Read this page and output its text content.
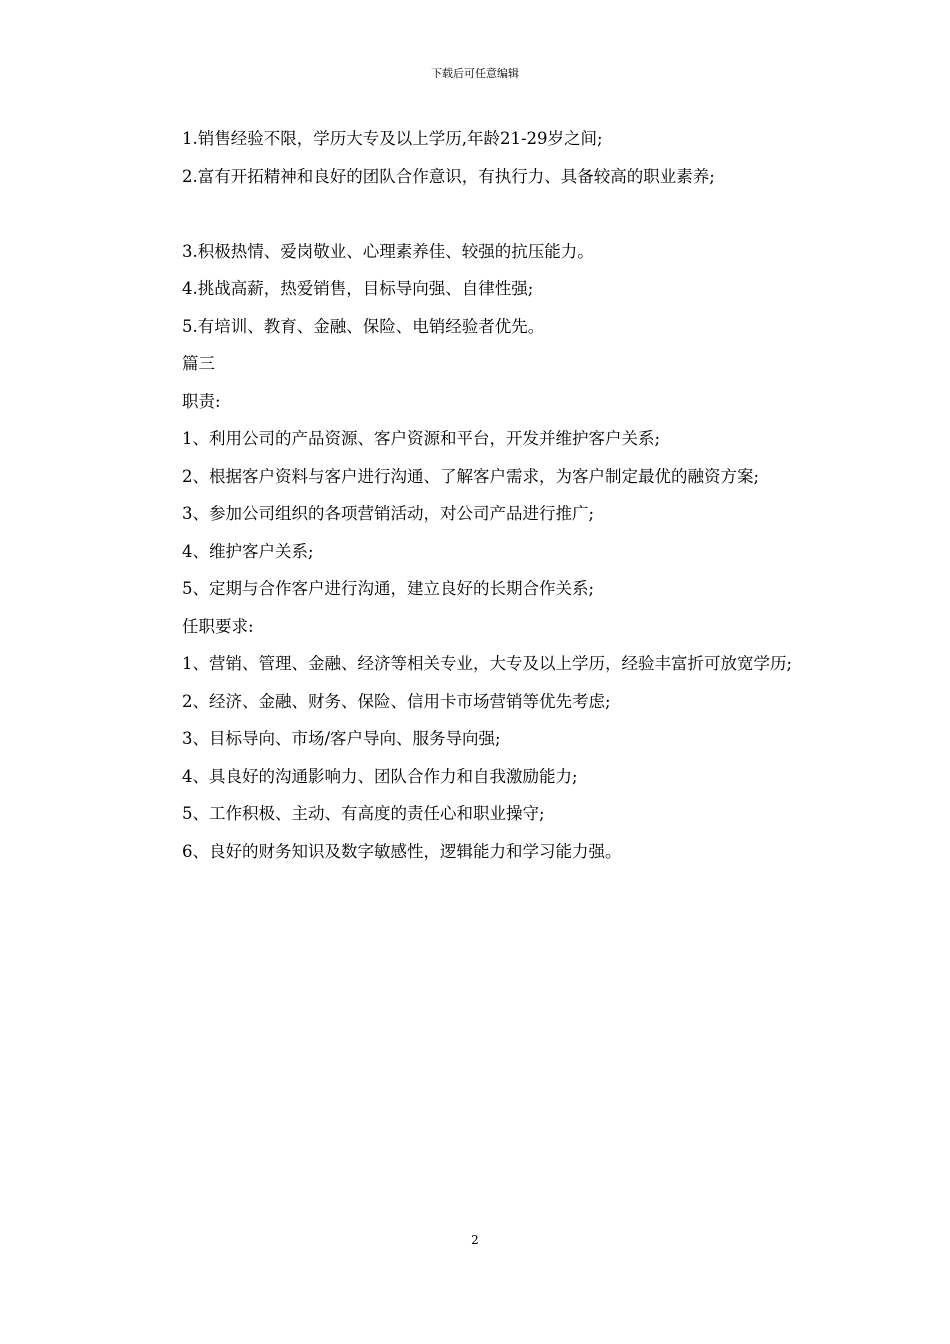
下载后可任意编辑

1.销售经验不限，学历大专及以上学历,年龄21-29岁之间;

2.富有开拓精神和良好的团队合作意识，有执行力、具备较高的职业素养;

3.积极热情、爱岗敬业、心理素养佳、较强的抗压能力。

4.挑战高薪，热爱销售，目标导向强、自律性强;

5.有培训、教育、金融、保险、电销经验者优先。

篇三

职责:

1、利用公司的产品资源、客户资源和平台，开发并维护客户关系;

2、根据客户资料与客户进行沟通、了解客户需求，为客户制定最优的融资方案;

3、参加公司组织的各项营销活动，对公司产品进行推广;

4、维护客户关系;

5、定期与合作客户进行沟通，建立良好的长期合作关系;

任职要求:

1、营销、管理、金融、经济等相关专业，大专及以上学历，经验丰富折可放宽学历;

2、经济、金融、财务、保险、信用卡市场营销等优先考虑;

3、目标导向、市场/客户导向、服务导向强;

4、具良好的沟通影响力、团队合作力和自我激励能力;

5、工作积极、主动、有高度的责任心和职业操守;

6、良好的财务知识及数字敏感性，逻辑能力和学习能力强。

2
